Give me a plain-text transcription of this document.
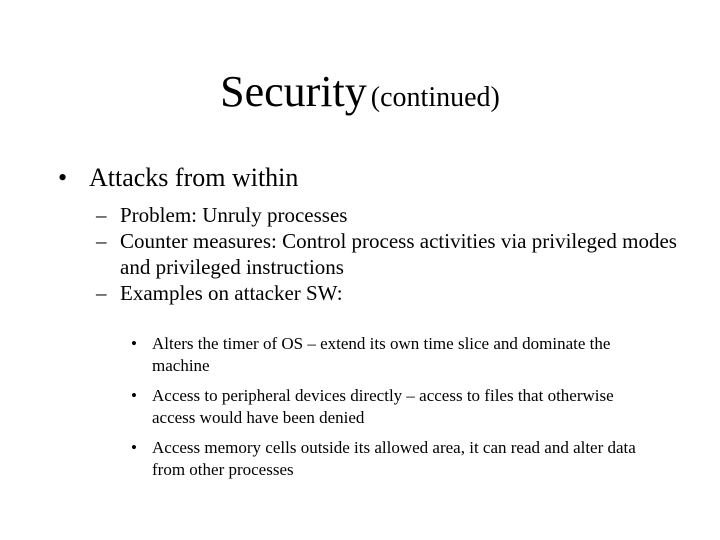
Security (continued)
• Attacks from within
– Problem: Unruly processes
– Counter measures: Control process activities via privileged modes and privileged instructions
– Examples on attacker SW:
• Alters the timer of OS – extend its own time slice and dominate the machine
• Access to peripheral devices directly – access to files that otherwise access would have been denied
• Access memory cells outside its allowed area, it can read and alter data from other processes
